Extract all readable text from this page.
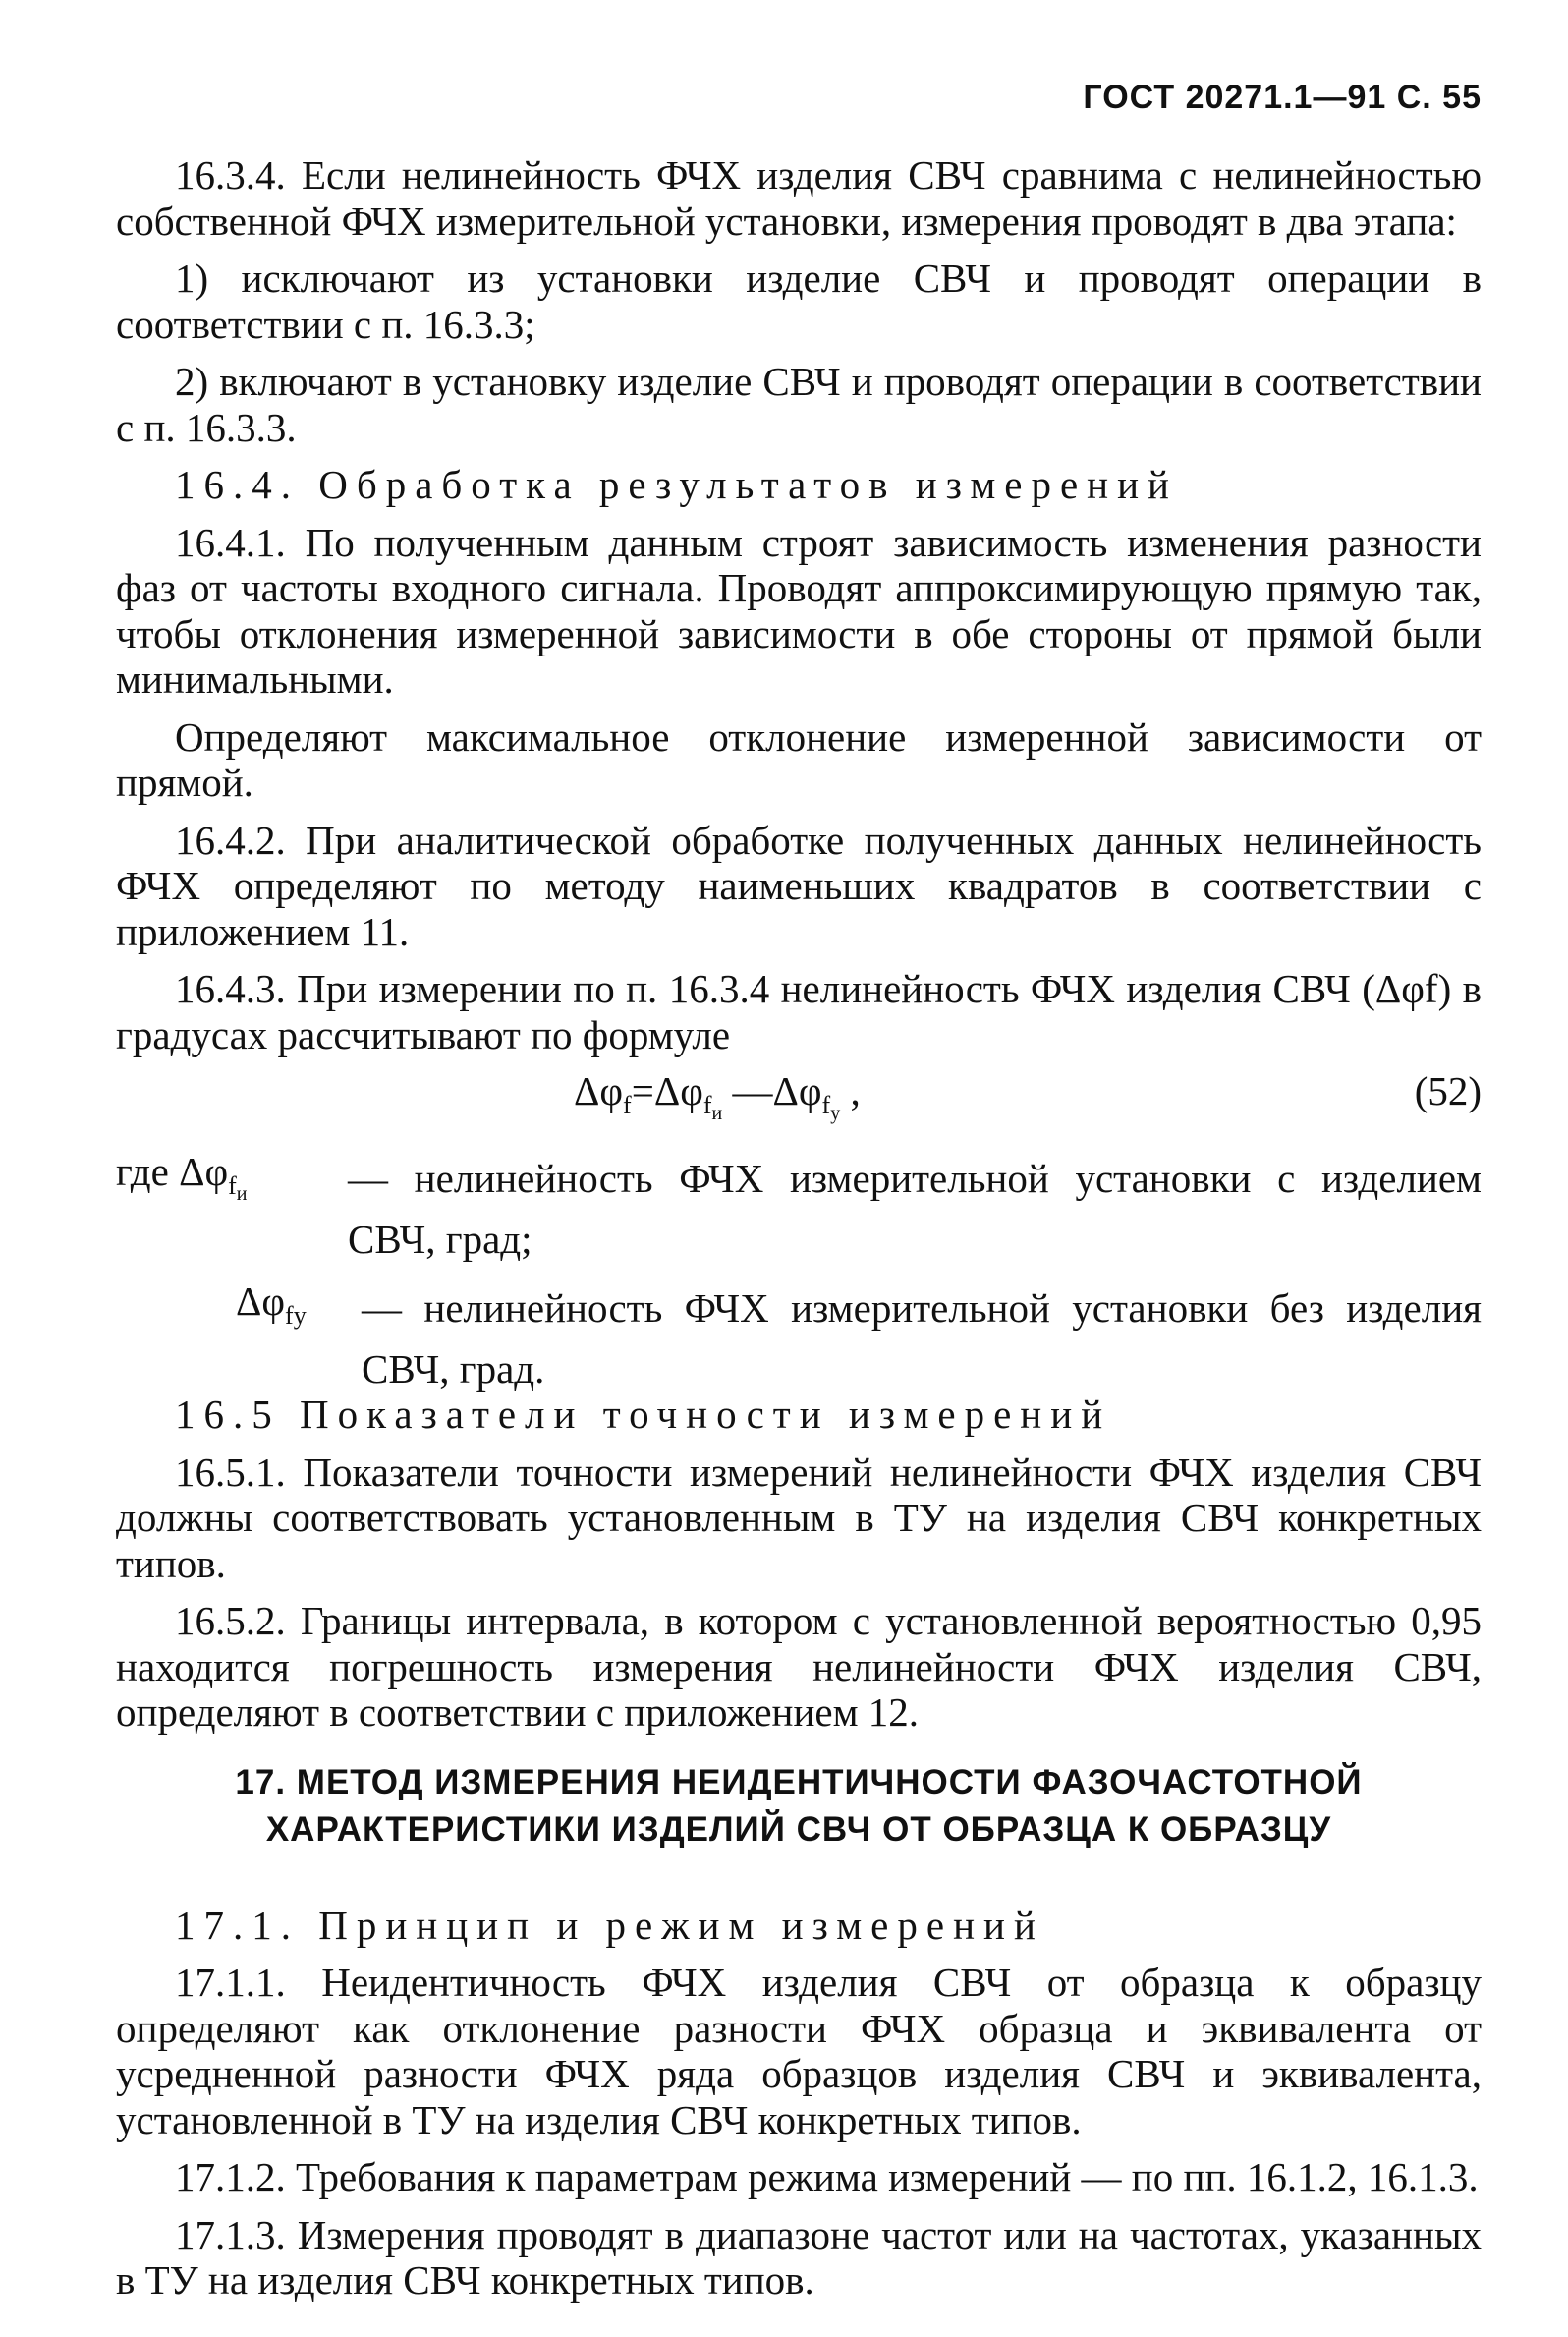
ГОСТ 20271.1—91 С. 55

16.3.4. Если нелинейность ФЧХ изделия СВЧ сравнима с нелинейностью собственной ФЧХ измерительной установки, измерения проводят в два этапа:

1) исключают из установки изделие СВЧ и проводят операции в соответствии с п. 16.3.3;

2) включают в установку изделие СВЧ и проводят операции в соответствии с п. 16.3.3.

16.4. Обработка результатов измерений

16.4.1. По полученным данным строят зависимость изменения разности фаз от частоты входного сигнала. Проводят аппроксимирующую прямую так, чтобы отклонения измеренной зависимости в обе стороны от прямой были минимальными.

Определяют максимальное отклонение измеренной зависимости от прямой.

16.4.2. При аналитической обработке полученных данных нелинейность ФЧХ определяют по методу наименьших квадратов в соответствии с приложением 11.

16.4.3. При измерении по п. 16.3.4 нелинейность ФЧХ изделия СВЧ (Δφf) в градусах рассчитывают по формуле

$\Delta\varphi_f=\Delta\varphi_{f_и}$ $—\Delta\varphi_{f_у}$ ,	(52)
где $\Delta\varphi_{f_и}$	— нелинейность ФЧХ измерительной установки с изделием СВЧ, град;
$\Delta\varphi_{fу}$ — нелинейность ФЧХ измерительной установки без изделия СВЧ, град.

16.5 Показатели точности измерений

16.5.1. Показатели точности измерений нелинейности ФЧХ изделия СВЧ должны соответствовать установленным в ТУ на изделия СВЧ конкретных типов.

16.5.2. Границы интервала, в котором с установленной вероятностью 0,95 находится погрешность измерения нелинейности ФЧХ изделия СВЧ, определяют в соответствии с приложением 12.

17. МЕТОД ИЗМЕРЕНИЯ НЕИДЕНТИЧНОСТИ ФАЗОЧАСТОТНОЙ
ХАРАКТЕРИСТИКИ ИЗДЕЛИЙ СВЧ ОТ ОБРАЗЦА К ОБРАЗЦУ

17.1. Принцип и режим измерений

17.1.1. Неидентичность ФЧХ изделия СВЧ от образца к образцу определяют как отклонение разности ФЧХ образца и эквивалента от усредненной разности ФЧХ ряда образцов изделия СВЧ и эквивалента, установленной в ТУ на изделия СВЧ конкретных типов.

17.1.2. Требования к параметрам режима измерений — по пп. 16.1.2, 16.1.3.

17.1.3. Измерения проводят в диапазоне частот или на частотах, указанных в ТУ на изделия СВЧ конкретных типов.
